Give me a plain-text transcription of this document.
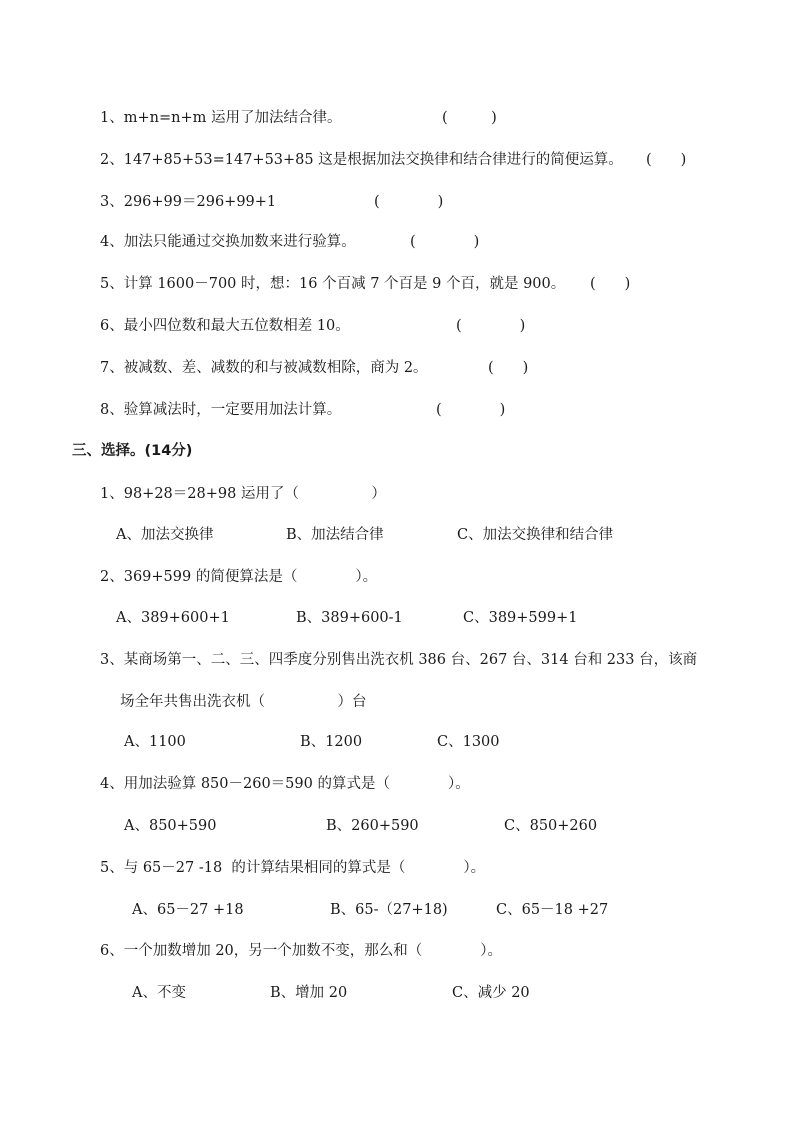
1、m+n=n+m 运用了加法结合律。	(　　　)
2、147+85+53=147+53+85 这是根据加法交换律和结合律进行的简便运算。 (　　)
3、296+99＝296+99+1	(　　　　)
4、加法只能通过交换加数来进行验算。	(　　　　)
5、计算 1600－700 时，想：16 个百减 7 个百是 9 个百，就是 900。 (　　)
6、最小四位数和最大五位数相差 10。	(　　　　)
7、被减数、差、减数的和与被减数相除，商为 2。	(　　)
8、验算减法时，一定要用加法计算。	(　　　　)
三、选择。(14分)
1、98+28＝28+98 运用了（　　　　　）
A、加法交换律	B、加法结合律	C、加法交换律和结合律
2、369+599 的简便算法是（　　　　）。
A、389+600+1	B、389+600-1	C、389+599+1
3、某商场第一、二、三、四季度分别售出洗衣机 386 台、267 台、314 台和 233 台，该商
场全年共售出洗衣机（　　　　　）台
A、1100	B、1200	C、1300
4、用加法验算 850－260＝590 的算式是（　　　　）。
A、850+590	B、260+590	C、850+260
5、与 65－27 -18  的计算结果相同的算式是（　　　　）。
A、65－27 +18	B、65-（27+18)	C、65－18 +27
6、一个加数增加 20，另一个加数不变，那么和（　　　　）。
A、不变	B、增加 20	C、减少 20
